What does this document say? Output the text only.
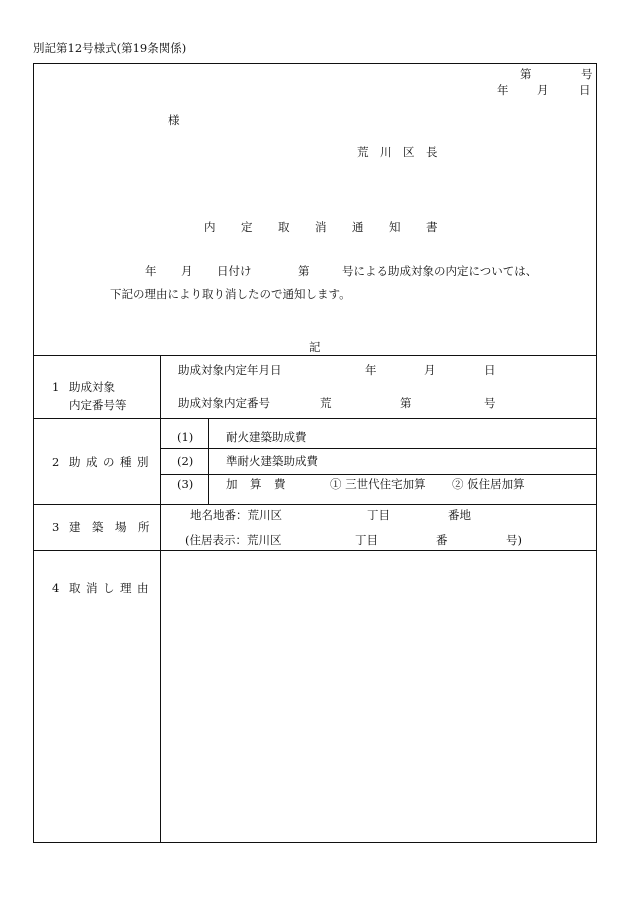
別記第12号様式(第19条関係)
第	号
年 月	日
様
荒川区長
内定取消通知書
年 月 日付け	第	号による助成対象の内定については、
下記の理由により取り消したので通知します。
記
1 助成対象
内定番号等
助成対象内定年月日	年	月	日
助成対象内定番号	荒	第	号
2 助成の種別
(1)	耐火建築助成費
(2)	準耐火建築助成費
(3)	加算費	① 三世代住宅加算 ② 仮住居加算
3 建築場所
地名地番：荒川区	丁目	番地
(住居表示：荒川区	丁目	番	号)
4 取消し理由
